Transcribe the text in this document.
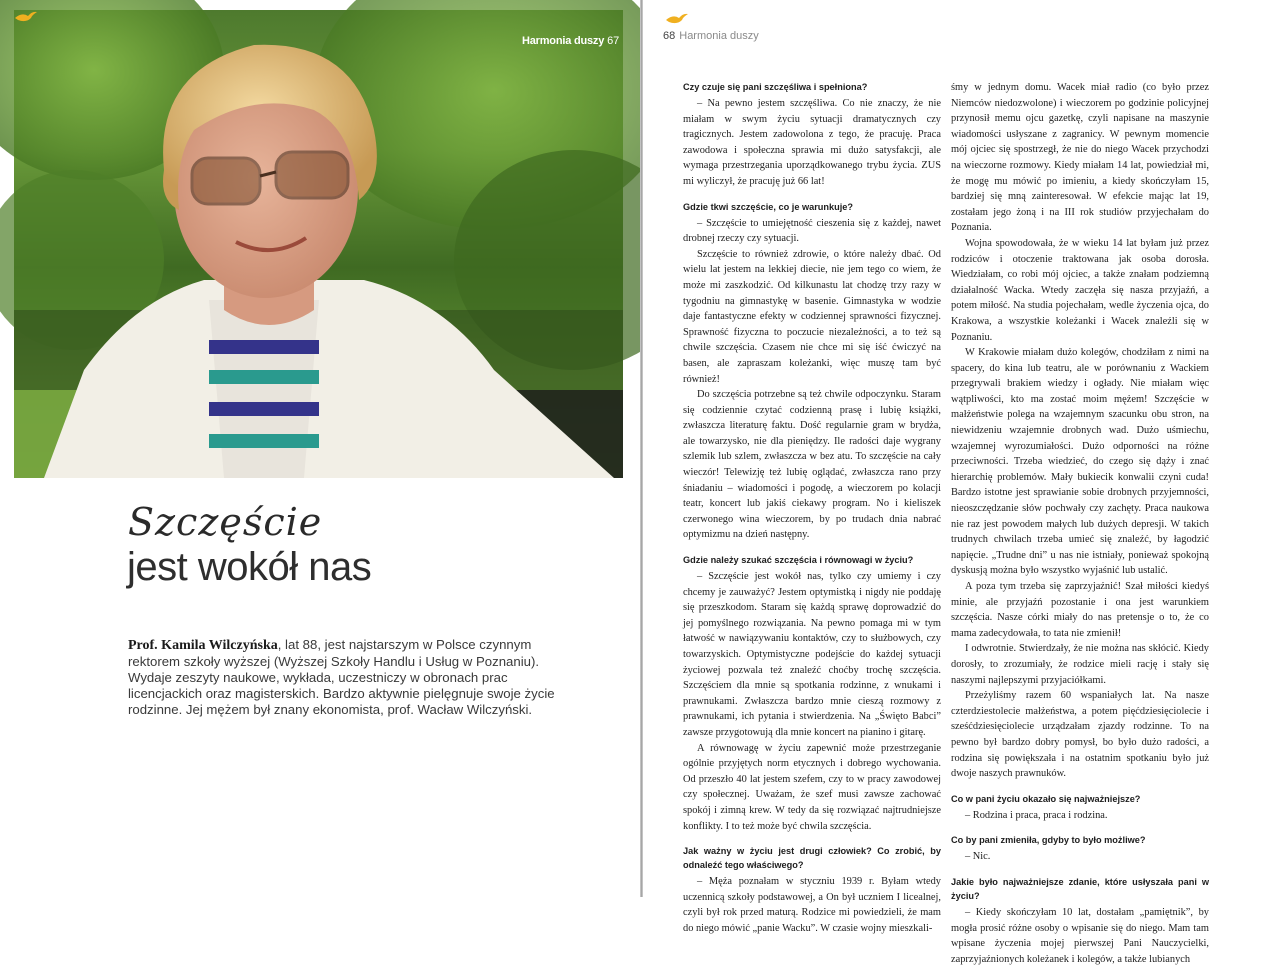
Harmonia duszy 67
Szczęście
jest wokół nas
Prof. Kamila Wilczyńska, lat 88, jest najstarszym w Polsce czynnym rektorem szkoły wyższej (Wyższej Szkoły Handlu i Usług w Poznaniu). Wydaje zeszyty naukowe, wykłada, uczestniczy w obronach prac licencjackich oraz magisterskich. Bardzo aktywnie pielęgnuje swoje życie rodzinne. Jej mężem był znany ekonomista, prof. Wacław Wilczyński.
68 Harmonia duszy

Czy czuje się pani szczęśliwa i spełniona?

– Na pewno jestem szczęśliwa. Co nie znaczy, że nie miałam w swym życiu sytuacji dramatycznych czy tragicznych. Jestem zadowolona z tego, że pracuję. Praca zawodowa i społeczna sprawia mi dużo satysfakcji, ale wymaga przestrzegania uporządkowanego trybu życia. ZUS mi wyliczył, że pracuję już 66 lat!

Gdzie tkwi szczęście, co je warunkuje?

– Szczęście to umiejętność cieszenia się z każdej, nawet drobnej rzeczy czy sytuacji.

Szczęście to również zdrowie, o które należy dbać. Od wielu lat jestem na lekkiej diecie, nie jem tego co wiem, że może mi zaszkodzić. Od kilkunastu lat chodzę trzy razy w tygodniu na gimnastykę w basenie. Gimnastyka w wodzie daje fantastyczne efekty w codziennej sprawności fizycznej. Sprawność fizyczna to poczucie niezależności, a to też są chwile szczęścia. Czasem nie chce mi się iść ćwiczyć na basen, ale zapraszam koleżanki, więc muszę tam być również!

Do szczęścia potrzebne są też chwile odpoczynku. Staram się codziennie czytać codzienną prasę i lubię książki, zwłaszcza literaturę faktu. Dość regularnie gram w brydża, ale towarzysko, nie dla pieniędzy. Ile radości daje wygrany szlemik lub szlem, zwłaszcza w bez atu. To szczęście na cały wieczór! Telewizję też lubię oglądać, zwłaszcza rano przy śniadaniu – wiadomości i pogodę, a wieczorem po kolacji teatr, koncert lub jakiś ciekawy program. No i kieliszek czerwonego wina wieczorem, by po trudach dnia nabrać optymizmu na dzień następny.

Gdzie należy szukać szczęścia i równowagi w życiu?

– Szczęście jest wokół nas, tylko czy umiemy i czy chcemy je zauważyć? Jestem optymistką i nigdy nie poddaję się przeszkodom. Staram się każdą sprawę doprowadzić do jej pomyślnego rozwiązania. Na pewno pomaga mi w tym łatwość w nawiązywaniu kontaktów, czy to służbowych, czy towarzyskich. Optymistyczne podejście do każdej sytuacji życiowej pozwala też znaleźć choćby trochę szczęścia. Szczęściem dla mnie są spotkania rodzinne, z wnukami i prawnukami. Zwłaszcza bardzo mnie cieszą rozmowy z prawnukami, ich pytania i stwierdzenia. Na „Święto Babci” zawsze przygotowują dla mnie koncert na pianino i gitarę.

A równowagę w życiu zapewnić może przestrzeganie ogólnie przyjętych norm etycznych i dobrego wychowania. Od przeszło 40 lat jestem szefem, czy to w pracy zawodowej czy społecznej. Uważam, że szef musi zawsze zachować spokój i zimną krew. W tedy da się rozwiązać najtrudniejsze konflikty. I to też może być chwila szczęścia.

Jak ważny w życiu jest drugi człowiek? Co zrobić, by odnaleźć tego właściwego?

– Męża poznałam w styczniu 1939 r. Byłam wtedy uczennicą szkoły podstawowej, a On był uczniem I licealnej, czyli był rok przed maturą. Rodzice mi powiedzieli, że mam do niego mówić „panie Wacku”. W czasie wojny mieszkali-

śmy w jednym domu. Wacek miał radio (co było przez Niemców niedozwolone) i wieczorem po godzinie policyjnej przynosił memu ojcu gazetkę, czyli napisane na maszynie wiadomości usłyszane z zagranicy. W pewnym momencie mój ojciec się spostrzegł, że nie do niego Wacek przychodzi na wieczorne rozmowy. Kiedy miałam 14 lat, powiedział mi, że mogę mu mówić po imieniu, a kiedy skończyłam 15, bardziej się mną zainteresował. W efekcie mając lat 19, zostałam jego żoną i na III rok studiów przyjechałam do Poznania.

Wojna spowodowała, że w wieku 14 lat byłam już przez rodziców i otoczenie traktowana jak osoba dorosła. Wiedziałam, co robi mój ojciec, a także znałam podziemną działalność Wacka. Wtedy zaczęła się nasza przyjaźń, a potem miłość. Na studia pojechałam, wedle życzenia ojca, do Krakowa, a wszystkie koleżanki i Wacek znaleźli się w Poznaniu.

W Krakowie miałam dużo kolegów, chodziłam z nimi na spacery, do kina lub teatru, ale w porównaniu z Wackiem przegrywali brakiem wiedzy i ogłady. Nie miałam więc wątpliwości, kto ma zostać moim mężem! Szczęście w małżeństwie polega na wzajemnym szacunku obu stron, na niewidzeniu wzajemnie drobnych wad. Dużo uśmiechu, wzajemnej wyrozumiałości. Dużo odporności na różne przeciwności. Trzeba wiedzieć, do czego się dąży i znać hierarchię problemów. Mały bukiecik konwalii czyni cuda! Bardzo istotne jest sprawianie sobie drobnych przyjemności, nieoszczędzanie słów pochwały czy zachęty. Praca naukowa nie raz jest powodem małych lub dużych depresji. W takich trudnych chwilach trzeba umieć się znaleźć, by łagodzić napięcie. „Trudne dni” u nas nie istniały, ponieważ spokojną dyskusją można było wszystko wyjaśnić lub ustalić.

A poza tym trzeba się zaprzyjaźnić! Szał miłości kiedyś minie, ale przyjaźń pozostanie i ona jest warunkiem szczęścia. Nasze córki miały do nas pretensje o to, że co mama zadecydowała, to tata nie zmienił!

I odwrotnie. Stwierdzały, że nie można nas skłócić. Kiedy dorosły, to zrozumiały, że rodzice mieli rację i stały się naszymi najlepszymi przyjaciółkami.

Przeżyliśmy razem 60 wspaniałych lat. Na nasze czterdziestolecie małżeństwa, a potem pięćdziesięciolecie i sześćdziesięciolecie urządzałam zjazdy rodzinne. To na pewno był bardzo dobry pomysł, bo było dużo radości, a rodzina się powiększała i na ostatnim spotkaniu było już dwoje naszych prawnuków.

Co w pani życiu okazało się najważniejsze?

– Rodzina i praca, praca i rodzina.

Co by pani zmieniła, gdyby to było możliwe?

– Nic.

Jakie było najważniejsze zdanie, które usłyszała pani w życiu?

– Kiedy skończyłam 10 lat, dostałam „pamiętnik”, by mogła prosić różne osoby o wpisanie się do niego. Mam tam wpisane życzenia mojej pierwszej Pani Nauczycielki, zaprzyjaźnionych koleżanek i kolegów, a także lubianych
